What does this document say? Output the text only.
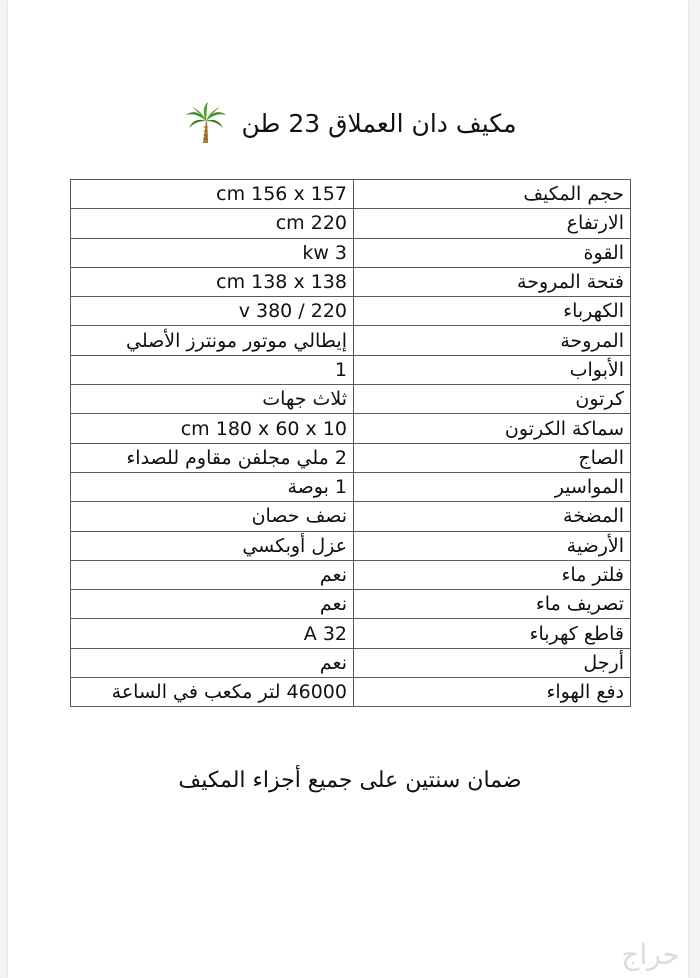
مكيف دان العملاق 23 طن
cm 156 x 157	حجم المكيف
cm 220	الارتفاع
kw 3	القوة
cm 138 x 138	فتحة المروحة
v 380 / 220	الكهرباء
إيطالي موتور مونترز الأصلي	المروحة
1	الأبواب
ثلاث جهات	كرتون
cm 180 x 60 x 10	سماكة الكرتون
2 ملي مجلفن مقاوم للصداء	الصاج
1 بوصة	المواسير
نصف حصان	المضخة
عزل أوبكسي	الأرضية
نعم	فلتر ماء
نعم	تصريف ماء
A 32	قاطع كهرباء
نعم	أرجل
46000 لتر مكعب في الساعة	دفع الهواء
ضمان سنتين على جميع أجزاء المكيف
حراج
